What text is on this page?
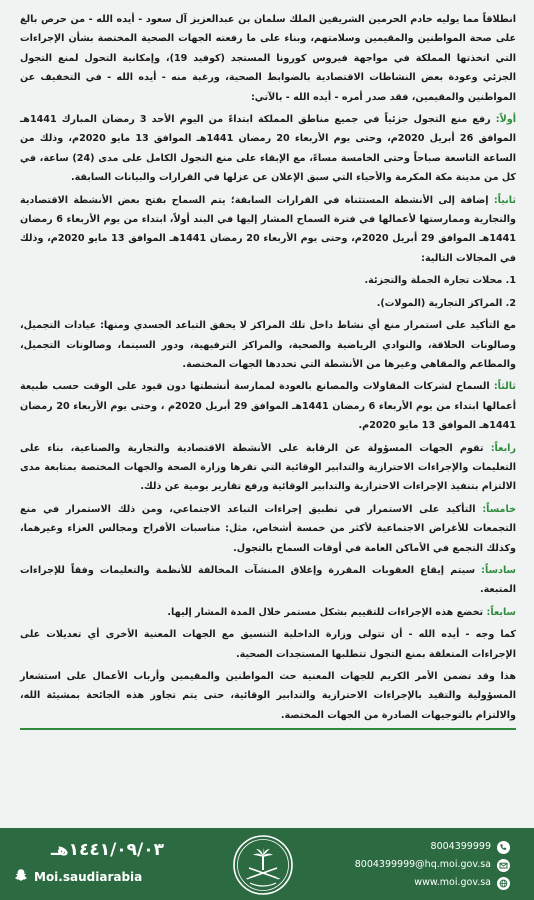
انطلاقاً مما يوليه خادم الحرمين الشريفين الملك سلمان بن عبدالعزيز آل سعود - أيده الله - من حرص بالغ على صحة المواطنين والمقيمين وسلامتهم، وبناء على ما رفعته الجهات الصحية المختصة بشأن الإجراءات التي اتخذتها المملكة في مواجهة فيروس كورونا المستجد (كوفيد 19)، وإمكانية التحول لمنع التجول الجزئي وعودة بعض النشاطات الاقتصادية بالضوابط الصحية، ورغبة منه - أيده الله - في التخفيف عن المواطنين والمقيمين، فقد صدر أمره - أيده الله - بالآتي:

أولاً: رفع منع التجول جزئياً في جميع مناطق المملكة ابتداءً من اليوم الأحد 3 رمضان المبارك 1441هـ الموافق 26 أبريل 2020م، وحتى يوم الأربعاء 20 رمضان 1441هـ الموافق 13 مايو 2020م، وذلك من الساعة التاسعة صباحاً وحتى الخامسة مساءً، مع الإبقاء على منع التجول الكامل على مدى (24) ساعة، في كل من مدينة مكة المكرمة والأحياء التي سبق الإعلان عن عزلها في القرارات والبيانات السابقة.

ثانياً: إضافة إلى الأنشطة المستثناة في القرارات السابقة؛ يتم السماح بفتح بعض الأنشطة الاقتصادية والتجارية وممارستها لأعمالها في فترة السماح المشار إليها في البند أولاً، ابتداء من يوم الأربعاء 6 رمضان 1441هـ الموافق 29 أبريل 2020م، وحتى يوم الأربعاء 20 رمضان 1441هـ الموافق 13 مايو 2020م، وذلك في المجالات التالية:

1. محلات تجارة الجملة والتجزئة.

2. المراكز التجارية (المولات).

مع التأكيد على استمرار منع أي نشاط داخل تلك المراكز لا يحقق التباعد الجسدي ومنها: عيادات التجميل، وصالونات الحلاقة، والنوادي الرياضية والصحية، والمراكز الترفيهية، ودور السينما، وصالونات التجميل، والمطاعم والمقاهي وغيرها من الأنشطة التي تحددها الجهات المختصة.

ثالثاً: السماح لشركات المقاولات والمصانع بالعودة لممارسة أنشطتها دون قيود على الوقت حسب طبيعة أعمالها ابتداء من يوم الأربعاء 6 رمضان 1441هـ الموافق 29 أبريل 2020م ، وحتى يوم الأربعاء 20 رمضان 1441هـ الموافق 13 مايو 2020م.

رابعاً: تقوم الجهات المسؤولة عن الرقابة على الأنشطة الاقتصادية والتجارية والصناعية، بناء على التعليمات والإجراءات الاحترازية والتدابير الوقائية التي تقرها وزارة الصحة والجهات المختصة بمتابعة مدى الالتزام بتنفيذ الإجراءات الاحترازية والتدابير الوقائية ورفع تقارير يومية عن ذلك.

خامساً: التأكيد على الاستمرار في تطبيق إجراءات التباعد الاجتماعي، ومن ذلك الاستمرار في منع التجمعات للأغراض الاجتماعية لأكثر من خمسة أشخاص، مثل: مناسبات الأفراح ومجالس العزاء وغيرهما، وكذلك التجمع في الأماكن العامة في أوقات السماح بالتجول.

سادساً: سيتم إيقاع العقوبات المقررة وإغلاق المنشآت المخالفة للأنظمة والتعليمات وفقاً للإجراءات المتبعة.

سابعاً: تخضع هذه الإجراءات للتقييم بشكل مستمر خلال المدة المشار إليها.

كما وجه - أيده الله - أن تتولى وزارة الداخلية التنسيق مع الجهات المعنية الأخرى أي تعديلات على الإجراءات المتعلقة بمنع التجول تتطلبها المستجدات الصحية.

هذا وقد تضمن الأمر الكريم للجهات المعنية حث المواطنين والمقيمين وأرباب الأعمال على استشعار المسؤولية والتقيد بالإجراءات الاحترازية والتدابير الوقائية، حتى يتم تجاوز هذه الجائحة بمشيئة الله، والالتزام بالتوجيهات الصادرة من الجهات المختصة.

١٤٤١/٠٩/٠٣هـ
Moi.saudiarabia
8004399999
8004399999@hq.moi.gov.sa
www.moi.gov.sa
